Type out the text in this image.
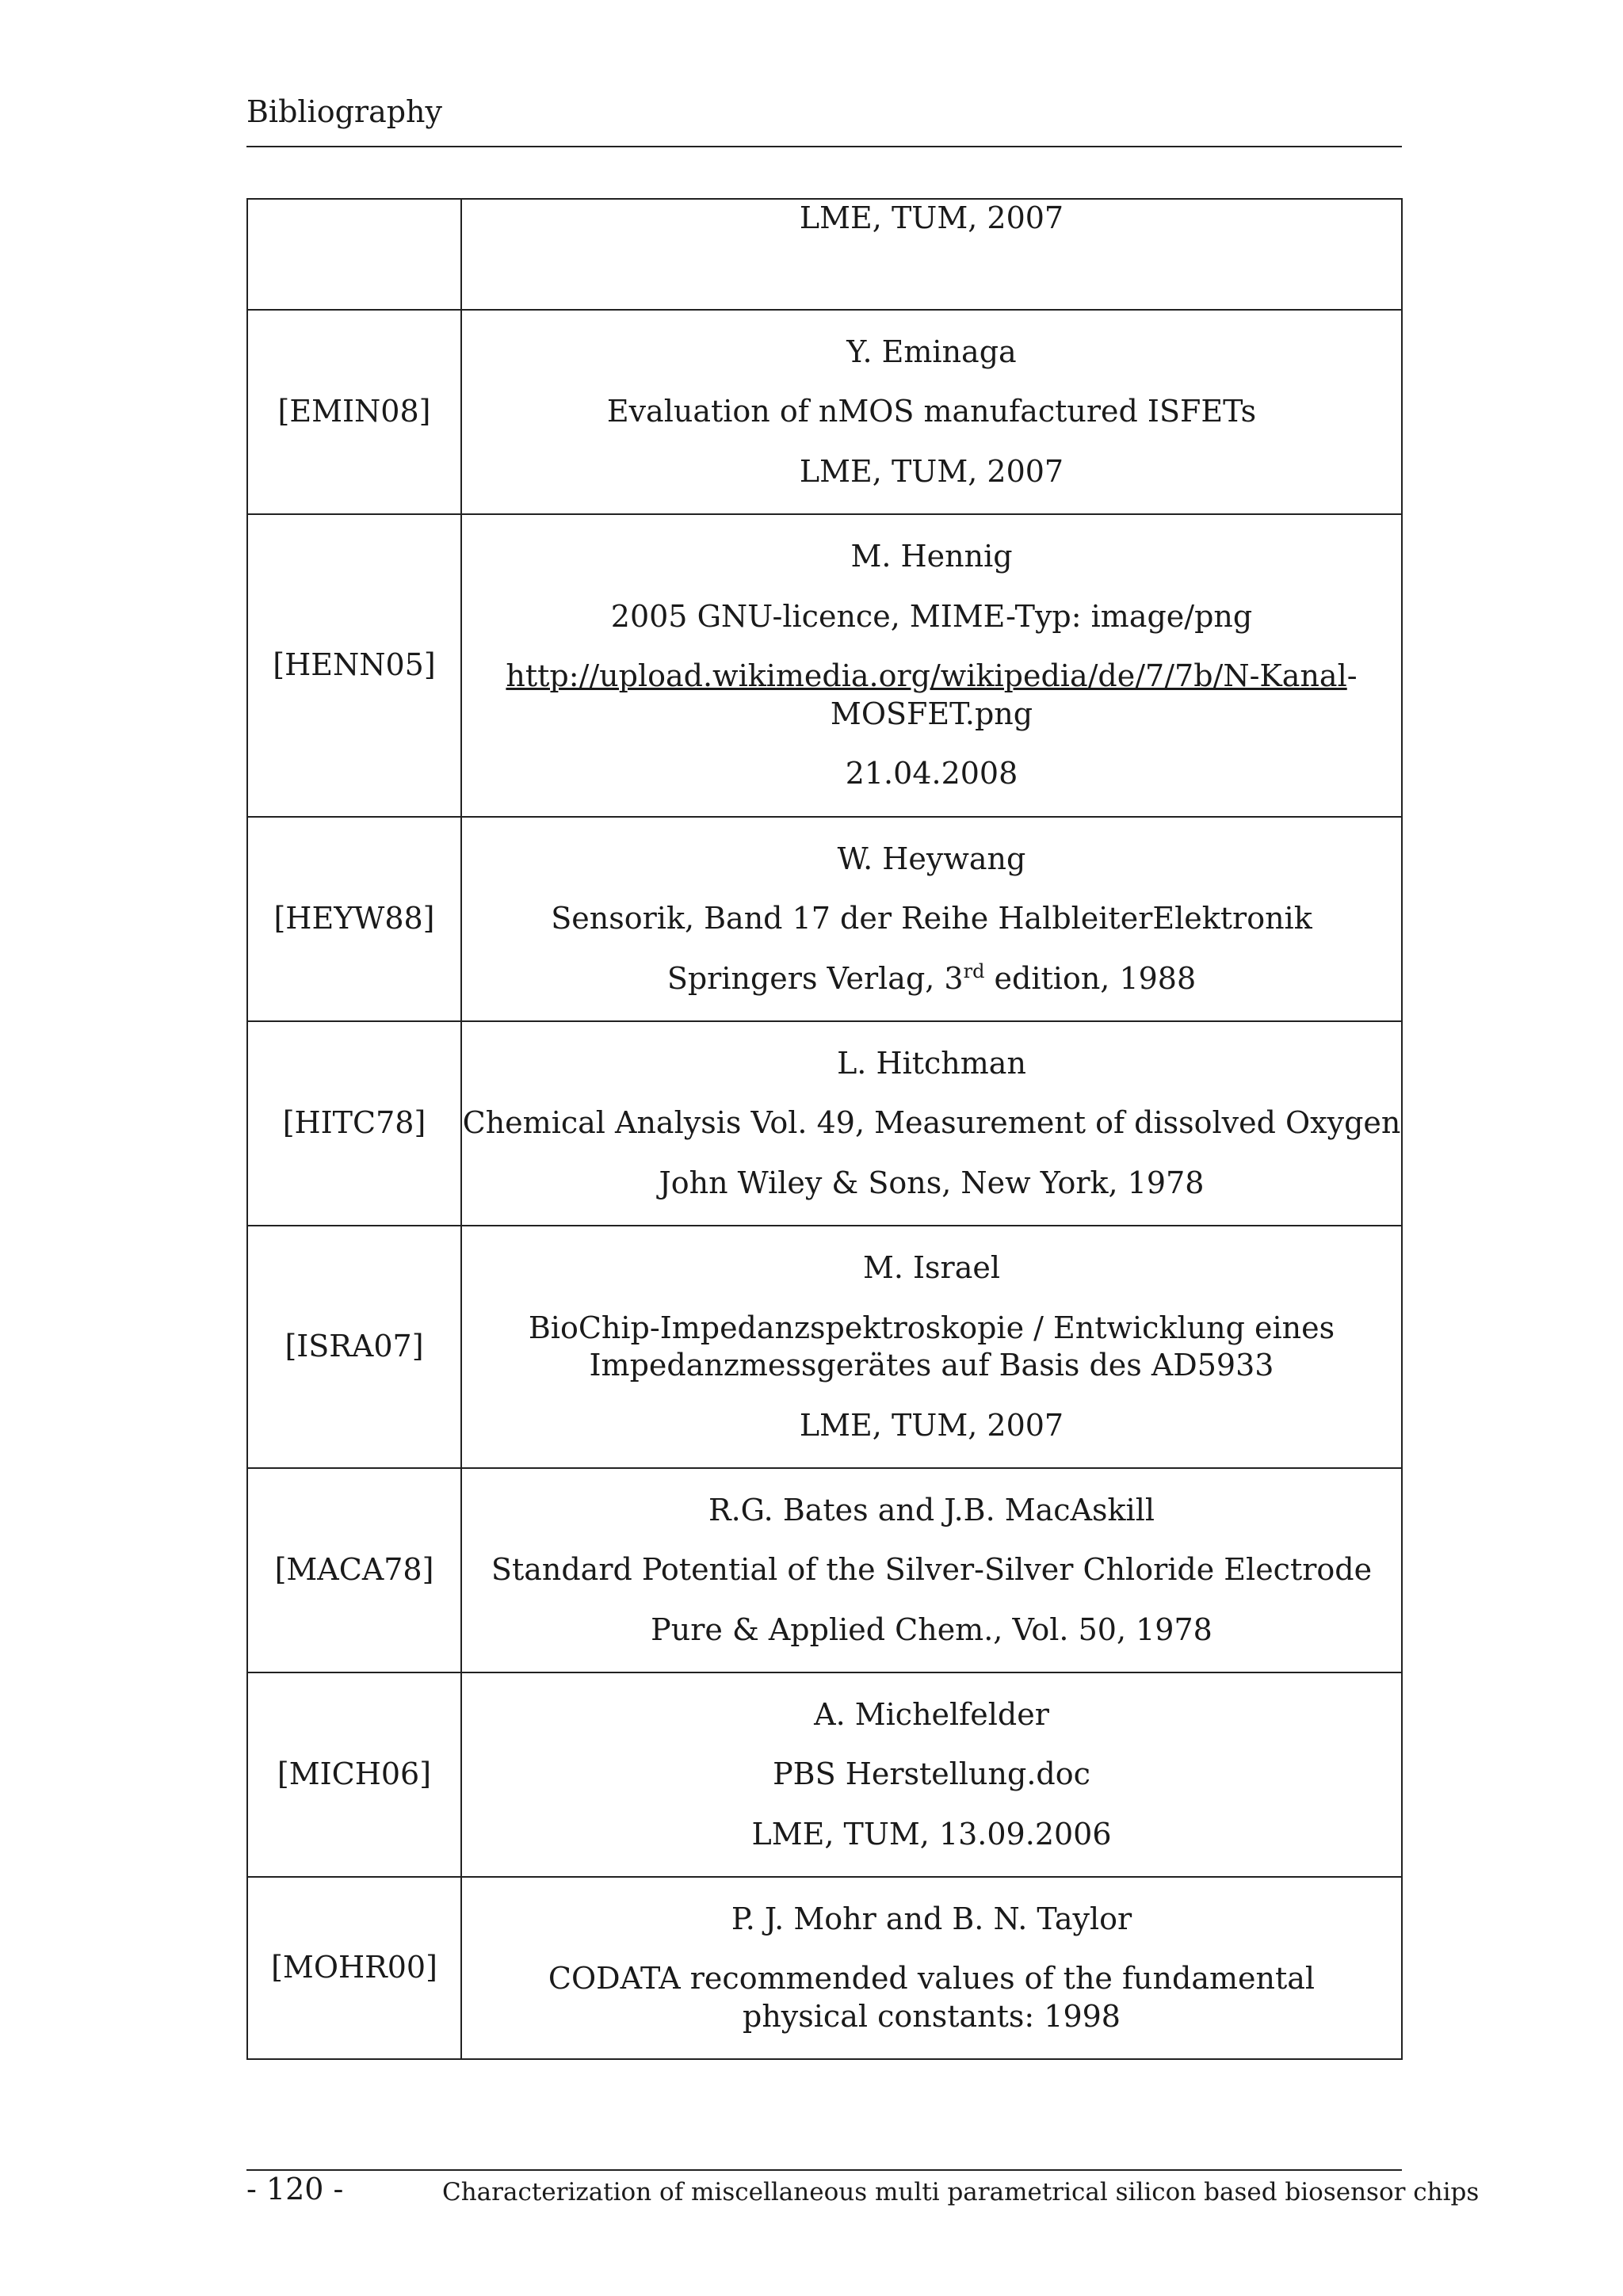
Bibliography

	LME, TUM, 2007

[EMIN08]	Y. Eminaga
Evaluation of nMOS manufactured ISFETs
LME, TUM, 2007

[HENN05]	M. Hennig
2005 GNU-licence, MIME-Typ: image/png
http://upload.wikimedia.org/wikipedia/de/7/7b/N-Kanal-MOSFET.png
21.04.2008

[HEYW88]	W. Heywang
Sensorik, Band 17 der Reihe HalbleiterElektronik
Springers Verlag, 3rd edition, 1988

[HITC78]	L. Hitchman
Chemical Analysis Vol. 49, Measurement of dissolved Oxygen
John Wiley & Sons, New York, 1978

[ISRA07]	M. Israel
BioChip-Impedanzspektroskopie / Entwicklung eines Impedanzmessgerätes auf Basis des AD5933
LME, TUM, 2007

[MACA78]	R.G. Bates and J.B. MacAskill
Standard Potential of the Silver-Silver Chloride Electrode
Pure & Applied Chem., Vol. 50, 1978

[MICH06]	A. Michelfelder
PBS Herstellung.doc
LME, TUM, 13.09.2006

[MOHR00]	P. J. Mohr and B. N. Taylor
CODATA recommended values of the fundamental physical constants: 1998
- 120 -	Characterization of miscellaneous multi parametrical silicon based biosensor chips
